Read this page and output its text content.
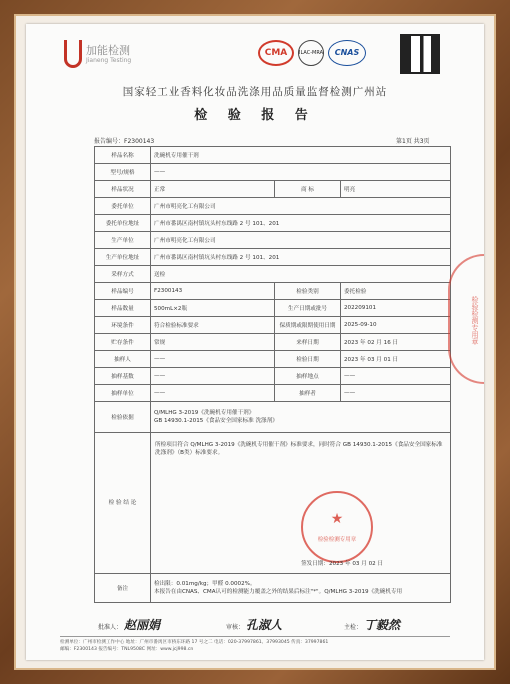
加能检测
Jianeng Testing
CMA	ILAC-MRA	CNAS
国家轻工业香料化妆品洗涤用品质量监督检测广州站
检 验 报 告
报告编号：F2300143	第1页 共3页
样品名称	洗碗机专用催干剂		
型号/规格	——		
样品状况	正常	商 标	明亮
委托单位	广州市明亮化工有限公司		
委托单位地址	广州市番禺区南村镇坑头村东线路 2 号 101、201		
生产单位	广州市明亮化工有限公司		
生产单位地址	广州市番禺区南村镇坑头村东线路 2 号 101、201		
采样方式	送检		
样品编号	F2300143	检验类别	委托检验
样品数量	500mL×2瓶	生产日期或批号	202209101
环境条件	符合检验标准要求	保质期或限期使用日期	2025-09-10
贮存条件	常规	来样日期	2023 年 02 月 16 日
抽样人	——	检验日期	2023 年 03 月 01 日
抽样基数	——	抽样地点	——
抽样单位	——	抽样者	——
检验依据	Q/MLHG 3-2019《洗碗机专用催干剂》
GB 14930.1-2015《食品安全国家标准 洗涤剂》		

检 验 结 论	所检项目符合 Q/MLHG 3-2019《洗碗机专用催干剂》标准要求，同时符合 GB 14930.1-2015《食品安全国家标准 洗涤剂》（B类）标准要求。
★
检验检测专用章
签发日期：2023 年 03 月 02 日		

备注	检出限：0.01mg/kg；甲醛 0.0002%。
本报告在由CNAS、CMA认可的检测能力覆盖之外的结果后标注"*"。Q/MLHG 3-2019《洗碗机专用		
批准人： 赵丽娟	审核： 孔淑人	主检： 丁毅然
检测单位：广州市检测工作中心 地址：广州市番禺区市桥东环路 17 号之二 电话：020-37997861、37993045 传真：37997861
邮编：F2300143 报告编号：TNL9508C 网址：www.jcj998.cn
检验检测专用章
